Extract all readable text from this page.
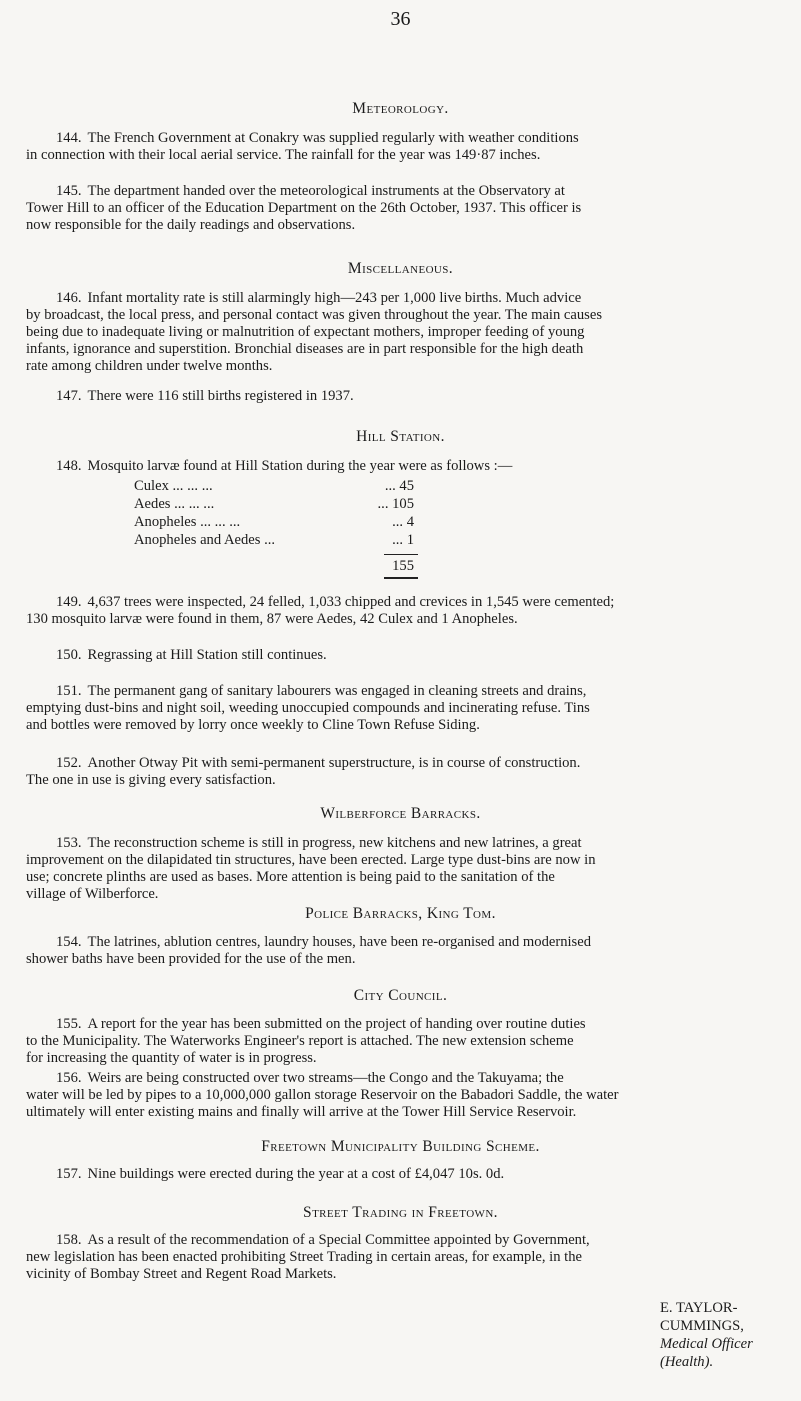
36
Meteorology.
144. The French Government at Conakry was supplied regularly with weather conditions
in connection with their local aerial service. The rainfall for the year was 149·87 inches.
145. The department handed over the meteorological instruments at the Observatory at
Tower Hill to an officer of the Education Department on the 26th October, 1937. This officer is
now responsible for the daily readings and observations.
Miscellaneous.
146. Infant mortality rate is still alarmingly high—243 per 1,000 live births. Much advice
by broadcast, the local press, and personal contact was given throughout the year. The main causes
being due to inadequate living or malnutrition of expectant mothers, improper feeding of young
infants, ignorance and superstition. Bronchial diseases are in part responsible for the high death
rate among children under twelve months.
147. There were 116 still births registered in 1937.
Hill Station.
148. Mosquito larvæ found at Hill Station during the year were as follows :—
Culex ... ... ...	... 45
Aedes ... ... ...	... 105
Anopheles ... ... ...	... 4
Anopheles and Aedes ...	... 1
155
149. 4,637 trees were inspected, 24 felled, 1,033 chipped and crevices in 1,545 were cemented;
130 mosquito larvæ were found in them, 87 were Aedes, 42 Culex and 1 Anopheles.
150. Regrassing at Hill Station still continues.
151. The permanent gang of sanitary labourers was engaged in cleaning streets and drains,
emptying dust-bins and night soil, weeding unoccupied compounds and incinerating refuse. Tins
and bottles were removed by lorry once weekly to Cline Town Refuse Siding.
152. Another Otway Pit with semi-permanent superstructure, is in course of construction.
The one in use is giving every satisfaction.
Wilberforce Barracks.
153. The reconstruction scheme is still in progress, new kitchens and new latrines, a great
improvement on the dilapidated tin structures, have been erected. Large type dust-bins are now in
use; concrete plinths are used as bases. More attention is being paid to the sanitation of the
village of Wilberforce.
Police Barracks, King Tom.
154. The latrines, ablution centres, laundry houses, have been re-organised and modernised
shower baths have been provided for the use of the men.
City Council.
155. A report for the year has been submitted on the project of handing over routine duties
to the Municipality. The Waterworks Engineer's report is attached. The new extension scheme
for increasing the quantity of water is in progress.
156. Weirs are being constructed over two streams—the Congo and the Takuyama; the
water will be led by pipes to a 10,000,000 gallon storage Reservoir on the Babadori Saddle, the water
ultimately will enter existing mains and finally will arrive at the Tower Hill Service Reservoir.
Freetown Municipality Building Scheme.
157. Nine buildings were erected during the year at a cost of £4,047 10s. 0d.
Street Trading in Freetown.
158. As a result of the recommendation of a Special Committee appointed by Government,
new legislation has been enacted prohibiting Street Trading in certain areas, for example, in the
vicinity of Bombay Street and Regent Road Markets.
E. TAYLOR-CUMMINGS,
Medical Officer (Health).
